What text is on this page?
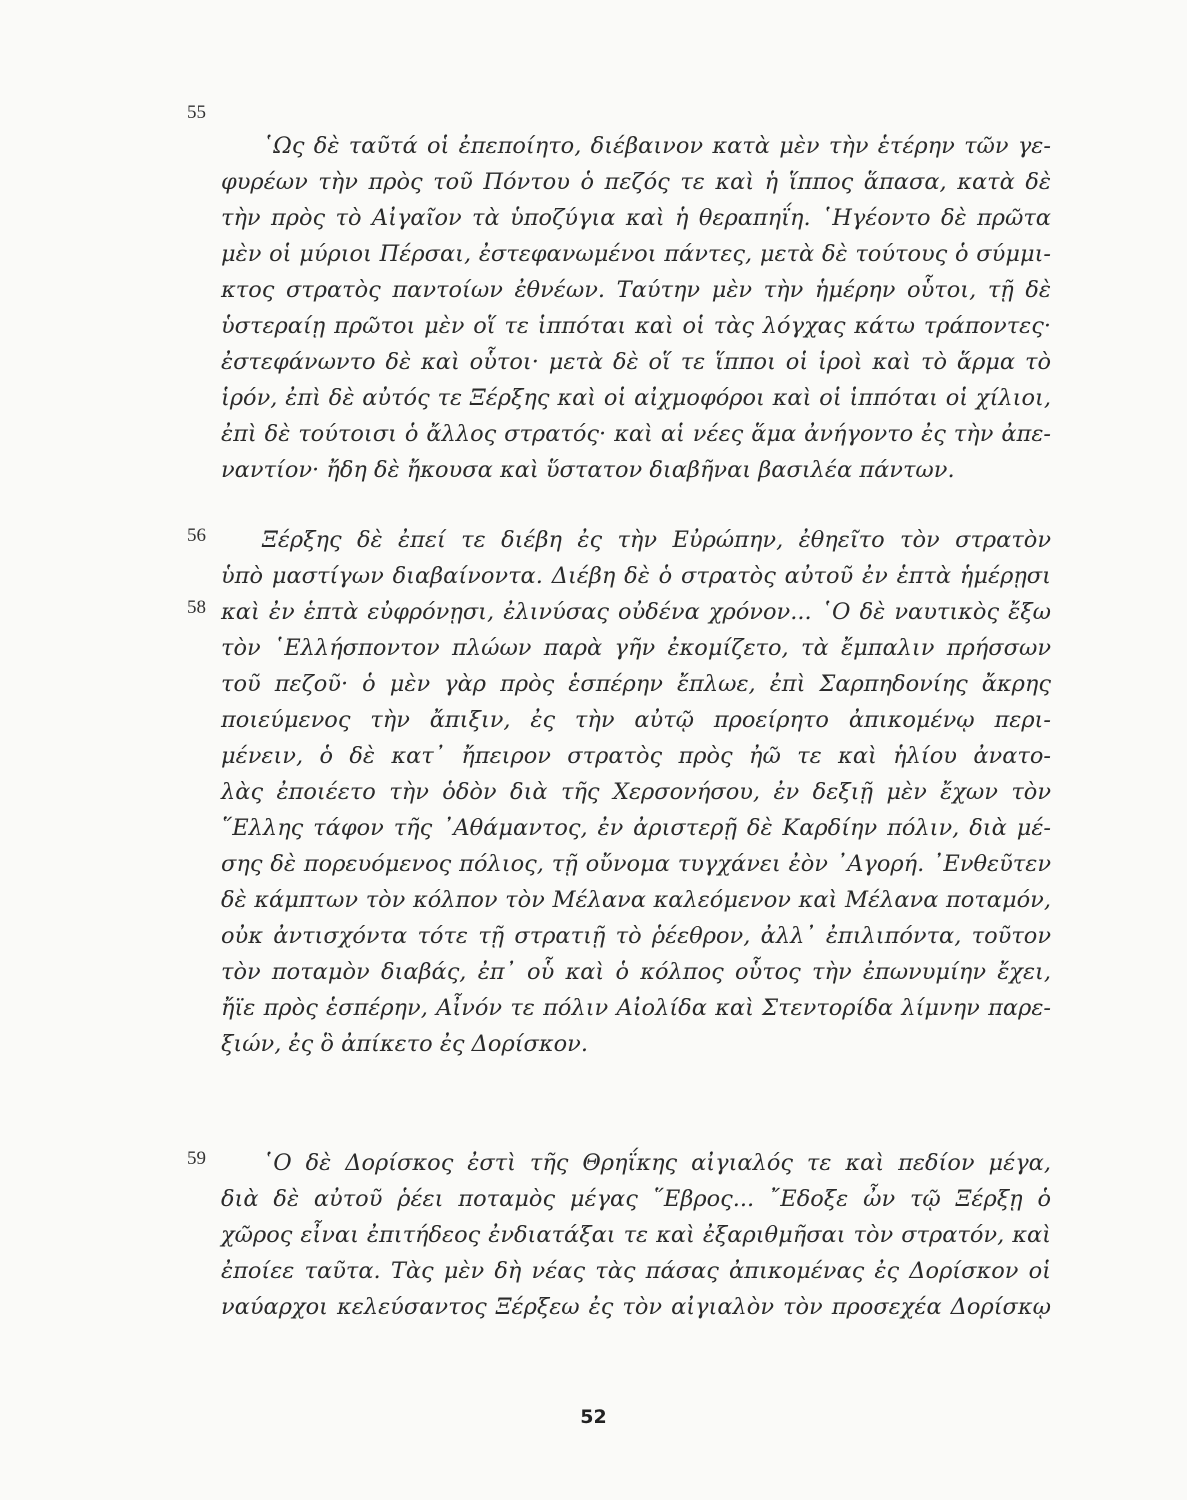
55
῾Ως δὲ ταῦτά οἱ ἐπεποίητο, διέβαινον κατὰ μὲν τὴν ἑτέρην τῶν γε-
φυρέων τὴν πρὸς τοῦ Πόντου ὁ πεζός τε καὶ ἡ ἵππος ἅπασα, κατὰ δὲ
τὴν πρὸς τὸ Αἰγαῖον τὰ ὑποζύγια καὶ ἡ θεραπηΐη. ῾Ηγέοντο δὲ πρῶτα
μὲν οἱ μύριοι Πέρσαι, ἐστεφανωμένοι πάντες, μετὰ δὲ τούτους ὁ σύμμι-
κτος στρατὸς παντοίων ἐθνέων. Ταύτην μὲν τὴν ἡμέρην οὗτοι, τῇ δὲ
ὑστεραίῃ πρῶτοι μὲν οἵ τε ἱππόται καὶ οἱ τὰς λόγχας κάτω τράποντες·
ἐστεφάνωντο δὲ καὶ οὗτοι· μετὰ δὲ οἵ τε ἵπποι οἱ ἱροὶ καὶ τὸ ἅρμα τὸ
ἱρόν, ἐπὶ δὲ αὐτός τε Ξέρξης καὶ οἱ αἰχμοφόροι καὶ οἱ ἱππόται οἱ χίλιοι,
ἐπὶ δὲ τούτοισι ὁ ἄλλος στρατός· καὶ αἱ νέες ἅμα ἀνήγοντο ἐς τὴν ἀπε-
ναντίον· ἤδη δὲ ἤκουσα καὶ ὕστατον διαβῆναι βασιλέα πάντων.
56
58
Ξέρξης δὲ ἐπεί τε διέβη ἐς τὴν Εὐρώπην, ἐθηεῖτο τὸν στρατὸν
ὑπὸ μαστίγων διαβαίνοντα. Διέβη δὲ ὁ στρατὸς αὐτοῦ ἐν ἑπτὰ ἡμέρῃσι
καὶ ἐν ἑπτὰ εὐφρόνῃσι, ἐλινύσας οὐδένα χρόνον... ῾Ο δὲ ναυτικὸς ἔξω
τὸν ῾Ελλήσποντον πλώων παρὰ γῆν ἐκομίζετο, τὰ ἔμπαλιν πρήσσων
τοῦ πεζοῦ· ὁ μὲν γὰρ πρὸς ἑσπέρην ἔπλωε, ἐπὶ Σαρπηδονίης ἄκρης
ποιεύμενος τὴν ἄπιξιν, ἐς τὴν αὐτῷ προείρητο ἀπικομένῳ περι-
μένειν, ὁ δὲ κατ᾿ ἤπειρον στρατὸς πρὸς ἠῶ τε καὶ ἡλίου ἀνατο-
λὰς ἐποιέετο τὴν ὁδὸν διὰ τῆς Χερσονήσου, ἐν δεξιῇ μὲν ἔχων τὸν
῞Ελλης τάφον τῆς ᾿Αθάμαντος, ἐν ἀριστερῇ δὲ Καρδίην πόλιν, διὰ μέ-
σης δὲ πορευόμενος πόλιος, τῇ οὔνομα τυγχάνει ἐὸν ᾿Αγορή. ᾿Ενθεῦτεν
δὲ κάμπτων τὸν κόλπον τὸν Μέλανα καλεόμενον καὶ Μέλανα ποταμόν,
οὐκ ἀντισχόντα τότε τῇ στρατιῇ τὸ ῥέεθρον, ἀλλ᾿ ἐπιλιπόντα, τοῦτον
τὸν ποταμὸν διαβάς, ἐπ᾿ οὗ καὶ ὁ κόλπος οὗτος τὴν ἐπωνυμίην ἔχει,
ἤϊε πρὸς ἑσπέρην, Αἶνόν τε πόλιν Αἰολίδα καὶ Στεντορίδα λίμνην παρε-
ξιών, ἐς ὃ ἀπίκετο ἐς Δορίσκον.
59 ῾Ο δὲ Δορίσκος ἐστὶ τῆς Θρηΐκης αἰγιαλός τε καὶ πεδίον μέγα,
διὰ δὲ αὐτοῦ ῥέει ποταμὸς μέγας ῞Εβρος... ῎Εδοξε ὦν τῷ Ξέρξῃ ὁ
χῶρος εἶναι ἐπιτήδεος ἐνδιατάξαι τε καὶ ἐξαριθμῆσαι τὸν στρατόν, καὶ
ἐποίεε ταῦτα. Τὰς μὲν δὴ νέας τὰς πάσας ἀπικομένας ἐς Δορίσκον οἱ
ναύαρχοι κελεύσαντος Ξέρξεω ἐς τὸν αἰγιαλὸν τὸν προσεχέα Δορίσκῳ
52
